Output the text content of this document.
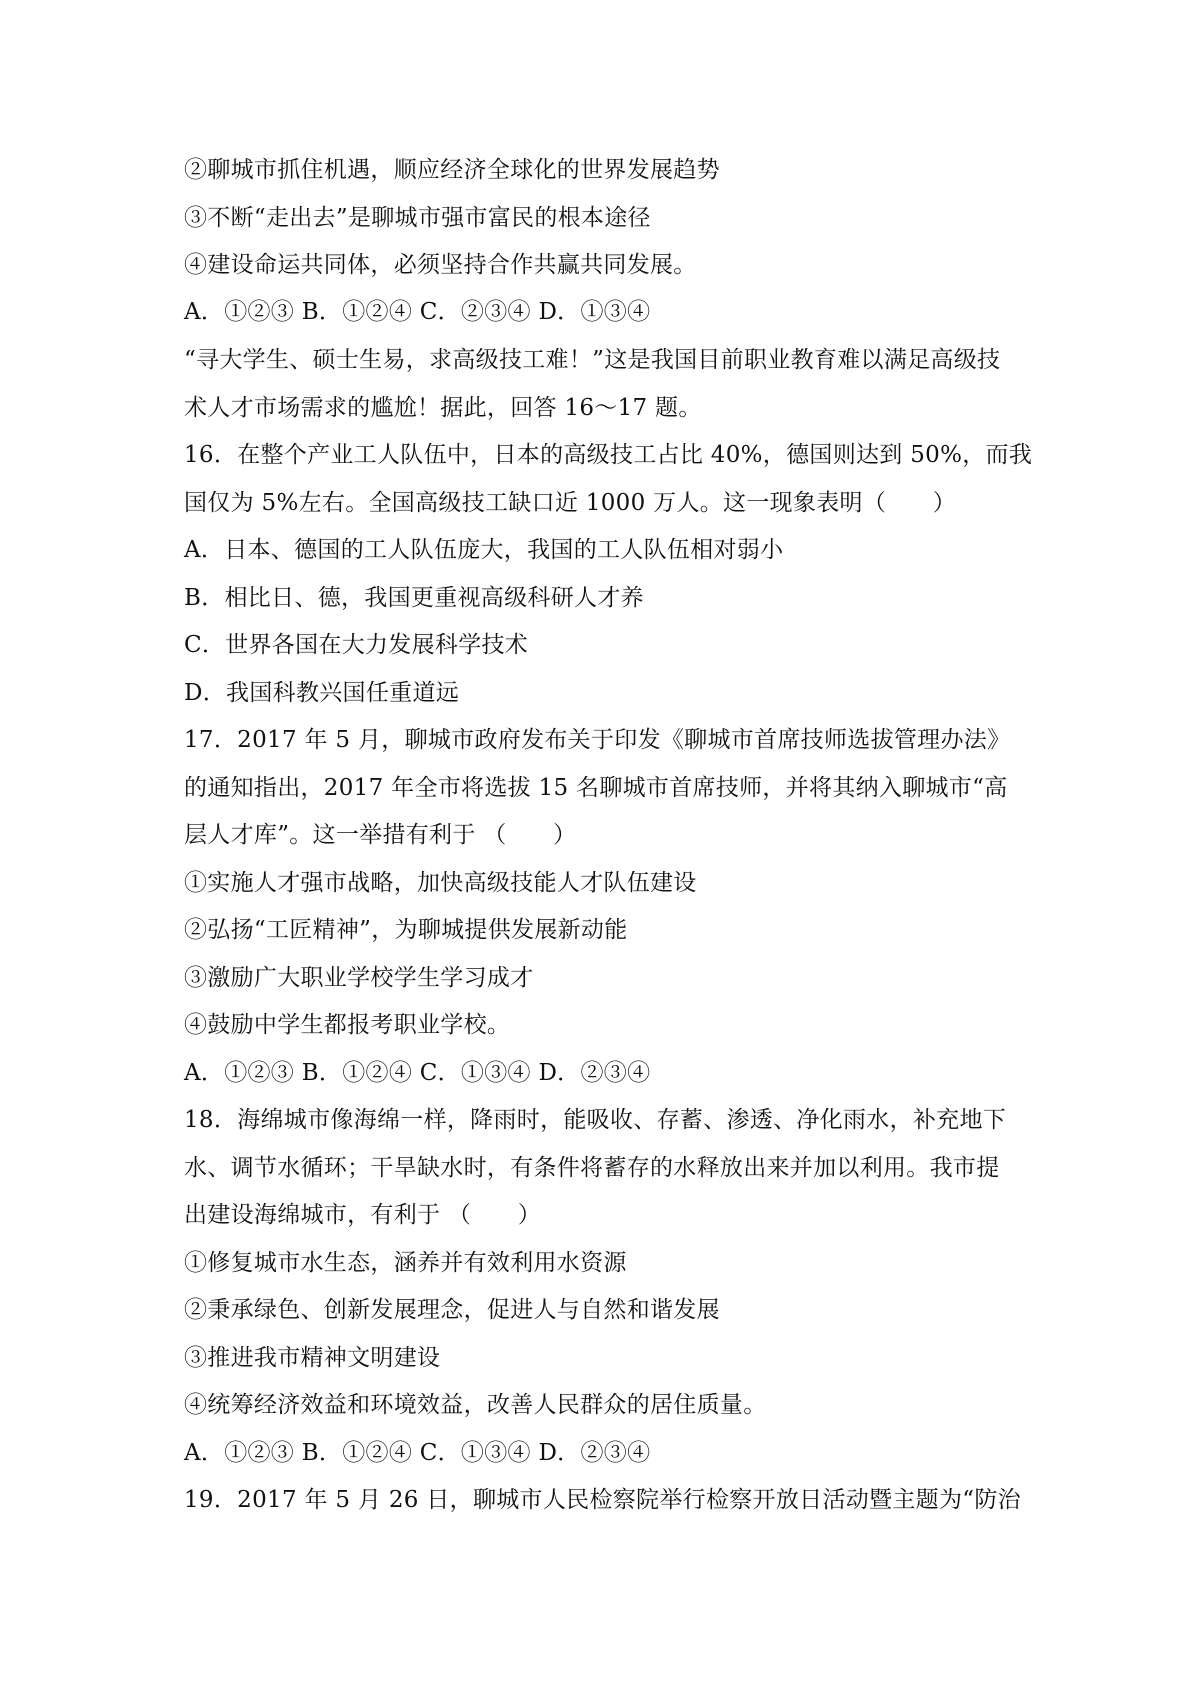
②聊城市抓住机遇，顺应经济全球化的世界发展趋势
③不断“走出去”是聊城市强市富民的根本途径
④建设命运共同体，必须坚持合作共赢共同发展。
A．①②③ B．①②④ C．②③④ D．①③④
“寻大学生、硕士生易，求高级技工难！”这是我国目前职业教育难以满足高级技
术人才市场需求的尴尬！据此，回答 16～17 题。
16．在整个产业工人队伍中，日本的高级技工占比 40%，德国则达到 50%，而我
国仅为 5%左右。全国高级技工缺口近 1000 万人。这一现象表明（　　）
A．日本、德国的工人队伍庞大，我国的工人队伍相对弱小
B．相比日、德，我国更重视高级科研人才养
C．世界各国在大力发展科学技术
D．我国科教兴国任重道远
17．2017 年 5 月，聊城市政府发布关于印发《聊城市首席技师选拔管理办法》
的通知指出，2017 年全市将选拔 15 名聊城市首席技师，并将其纳入聊城市“高
层人才库”。这一举措有利于 （　　）
①实施人才强市战略，加快高级技能人才队伍建设
②弘扬“工匠精神”，为聊城提供发展新动能
③激励广大职业学校学生学习成才
④鼓励中学生都报考职业学校。
A．①②③ B．①②④ C．①③④ D．②③④
18．海绵城市像海绵一样，降雨时，能吸收、存蓄、渗透、净化雨水，补充地下
水、调节水循环；干旱缺水时，有条件将蓄存的水释放出来并加以利用。我市提
出建设海绵城市，有利于 （　　）
①修复城市水生态，涵养并有效利用水资源
②秉承绿色、创新发展理念，促进人与自然和谐发展
③推进我市精神文明建设
④统筹经济效益和环境效益，改善人民群众的居住质量。
A．①②③ B．①②④ C．①③④ D．②③④
19．2017 年 5 月 26 日，聊城市人民检察院举行检察开放日活动暨主题为“防治
